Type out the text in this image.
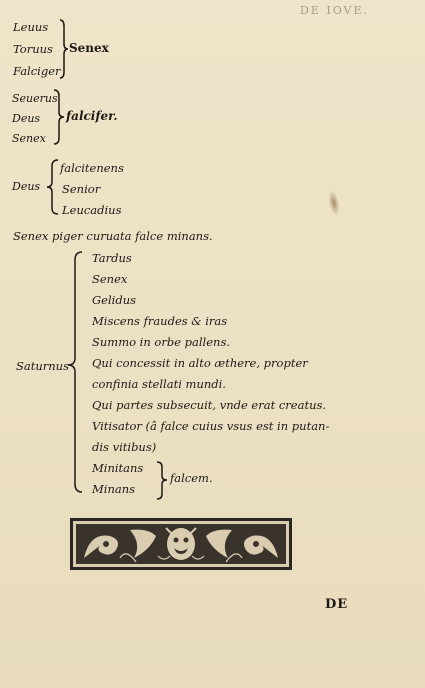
DE IOVE.
Leuus
Toruus
Falciger
Senex
Seuerus
Deus
Senex
falcifer.
Deus
falcitenens
Senior
Leucadius
Senex piger curuata falce minans.
Saturnus
Tardus
Senex
Gelidus
Miscens fraudes & iras
Summo in orbe pallens.
Qui concessit in alto æthere, propter
confinia stellati mundi.
Qui partes subsecuit, vnde erat creatus.
Vitisator (â falce cuius vsus est in putan-
dis vitibus)
Minitans
Minans
falcem.
DE
